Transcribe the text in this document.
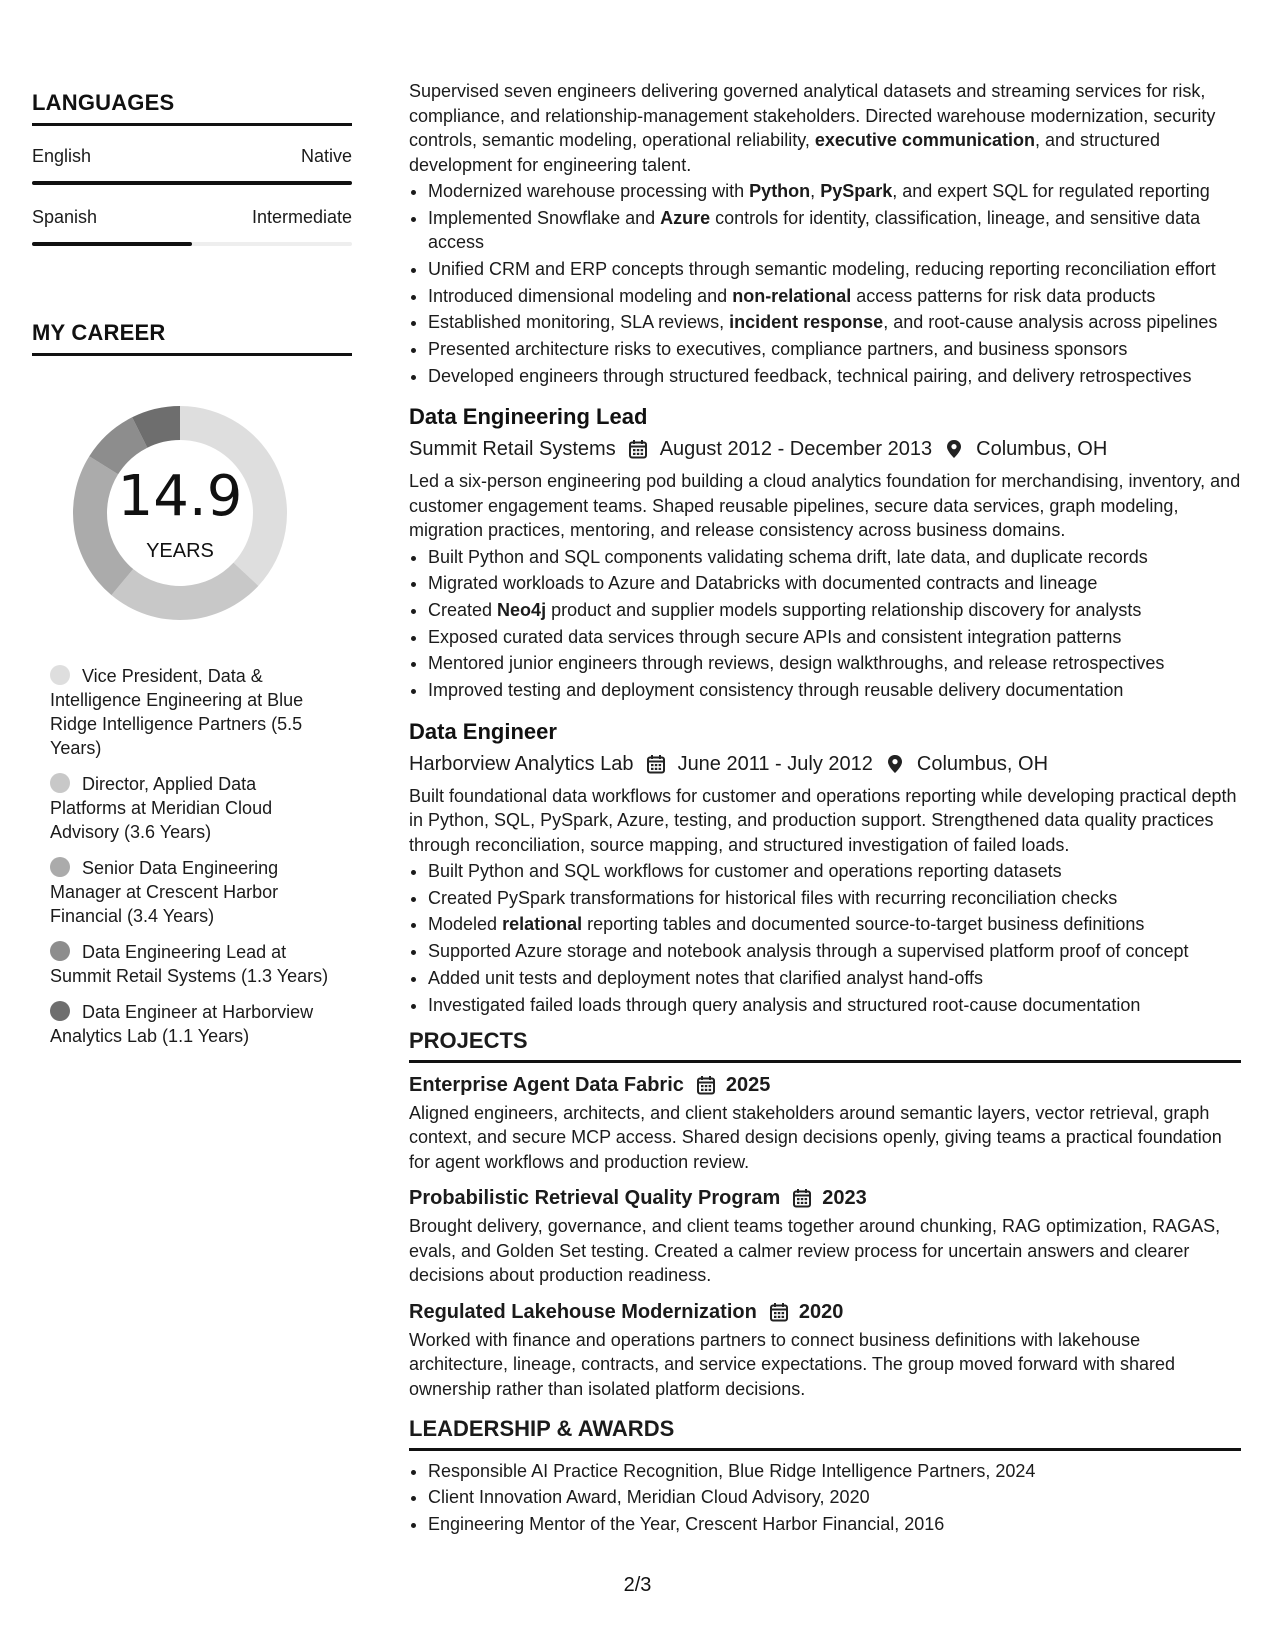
LANGUAGES
English	Native
Spanish	Intermediate
MY CAREER
14.9
YEARS
Vice President, Data & Intelligence Engineering at Blue Ridge Intelligence Partners (5.5 Years)
Director, Applied Data Platforms at Meridian Cloud Advisory (3.6 Years)
Senior Data Engineering Manager at Crescent Harbor Financial (3.4 Years)
Data Engineering Lead at Summit Retail Systems (1.3 Years)
Data Engineer at Harborview Analytics Lab (1.1 Years)

Supervised seven engineers delivering governed analytical datasets and streaming services for risk, compliance, and relationship-management stakeholders. Directed warehouse modernization, security controls, semantic modeling, operational reliability, executive communication, and structured development for engineering talent.

• Modernized warehouse processing with Python, PySpark, and expert SQL for regulated reporting
• Implemented Snowflake and Azure controls for identity, classification, lineage, and sensitive data access
• Unified CRM and ERP concepts through semantic modeling, reducing reporting reconciliation effort
• Introduced dimensional modeling and non-relational access patterns for risk data products
• Established monitoring, SLA reviews, incident response, and root-cause analysis across pipelines
• Presented architecture risks to executives, compliance partners, and business sponsors
• Developed engineers through structured feedback, technical pairing, and delivery retrospectives
Data Engineering Lead
Summit Retail Systems August 2012 - December 2013 Columbus, OH

Led a six-person engineering pod building a cloud analytics foundation for merchandising, inventory, and customer engagement teams. Shaped reusable pipelines, secure data services, graph modeling, migration practices, mentoring, and release consistency across business domains.

• Built Python and SQL components validating schema drift, late data, and duplicate records
• Migrated workloads to Azure and Databricks with documented contracts and lineage
• Created Neo4j product and supplier models supporting relationship discovery for analysts
• Exposed curated data services through secure APIs and consistent integration patterns
• Mentored junior engineers through reviews, design walkthroughs, and release retrospectives
• Improved testing and deployment consistency through reusable delivery documentation
Data Engineer
Harborview Analytics Lab June 2011 - July 2012 Columbus, OH

Built foundational data workflows for customer and operations reporting while developing practical depth in Python, SQL, PySpark, Azure, testing, and production support. Strengthened data quality practices through reconciliation, source mapping, and structured investigation of failed loads.

• Built Python and SQL workflows for customer and operations reporting datasets
• Created PySpark transformations for historical files with recurring reconciliation checks
• Modeled relational reporting tables and documented source-to-target business definitions
• Supported Azure storage and notebook analysis through a supervised platform proof of concept
• Added unit tests and deployment notes that clarified analyst hand-offs
• Investigated failed loads through query analysis and structured root-cause documentation
PROJECTS
Enterprise Agent Data Fabric 2025

Aligned engineers, architects, and client stakeholders around semantic layers, vector retrieval, graph context, and secure MCP access. Shared design decisions openly, giving teams a practical foundation for agent workflows and production review.

Probabilistic Retrieval Quality Program 2023

Brought delivery, governance, and client teams together around chunking, RAG optimization, RAGAS, evals, and Golden Set testing. Created a calmer review process for uncertain answers and clearer decisions about production readiness.

Regulated Lakehouse Modernization 2020

Worked with finance and operations partners to connect business definitions with lakehouse architecture, lineage, contracts, and service expectations. The group moved forward with shared ownership rather than isolated platform decisions.

LEADERSHIP & AWARDS
• Responsible AI Practice Recognition, Blue Ridge Intelligence Partners, 2024
• Client Innovation Award, Meridian Cloud Advisory, 2020
• Engineering Mentor of the Year, Crescent Harbor Financial, 2016
2/3
